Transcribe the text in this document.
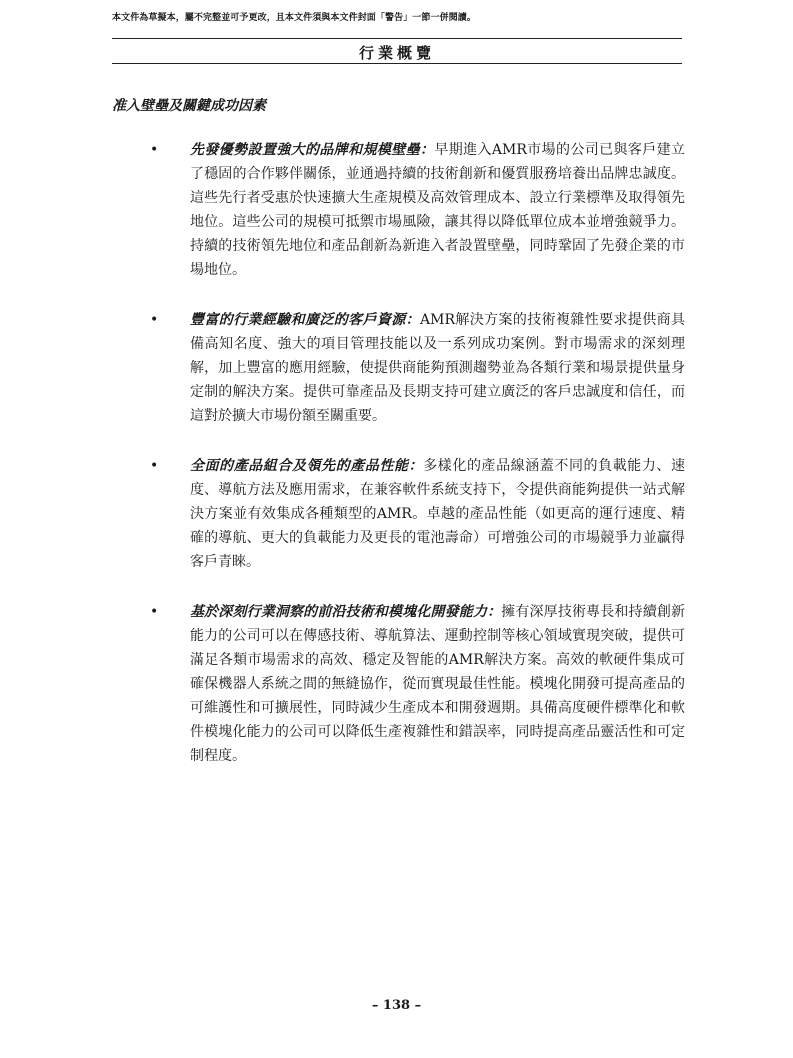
本文件為草擬本，屬不完整並可予更改，且本文件須與本文件封面「警告」一節一併閱讀。
行業概覽
准入壁壘及關鍵成功因素
• 先發優勢設置強大的品牌和規模壁壘：早期進入AMR市場的公司已與客戶建立了穩固的合作夥伴關係，並通過持續的技術創新和優質服務培養出品牌忠誠度。這些先行者受惠於快速擴大生產規模及高效管理成本、設立行業標準及取得領先地位。這些公司的規模可抵禦市場風險，讓其得以降低單位成本並增強競爭力。持續的技術領先地位和產品創新為新進入者設置壁壘，同時鞏固了先發企業的市場地位。

• 豐富的行業經驗和廣泛的客戶資源：AMR解決方案的技術複雜性要求提供商具備高知名度、強大的項目管理技能以及一系列成功案例。對市場需求的深刻理解，加上豐富的應用經驗，使提供商能夠預測趨勢並為各類行業和場景提供量身定制的解決方案。提供可靠產品及長期支持可建立廣泛的客戶忠誠度和信任，而這對於擴大市場份額至關重要。

• 全面的產品組合及領先的產品性能：多樣化的產品線涵蓋不同的負載能力、速度、導航方法及應用需求，在兼容軟件系統支持下，令提供商能夠提供一站式解決方案並有效集成各種類型的AMR。卓越的產品性能（如更高的運行速度、精確的導航、更大的負載能力及更長的電池壽命）可增強公司的市場競爭力並贏得客戶青睞。

• 基於深刻行業洞察的前沿技術和模塊化開發能力：擁有深厚技術專長和持續創新能力的公司可以在傳感技術、導航算法、運動控制等核心領域實現突破，提供可滿足各類市場需求的高效、穩定及智能的AMR解決方案。高效的軟硬件集成可確保機器人系統之間的無縫協作，從而實現最佳性能。模塊化開發可提高產品的可維護性和可擴展性，同時減少生產成本和開發週期。具備高度硬件標準化和軟件模塊化能力的公司可以降低生產複雜性和錯誤率，同時提高產品靈活性和可定制程度。

– 138 –
